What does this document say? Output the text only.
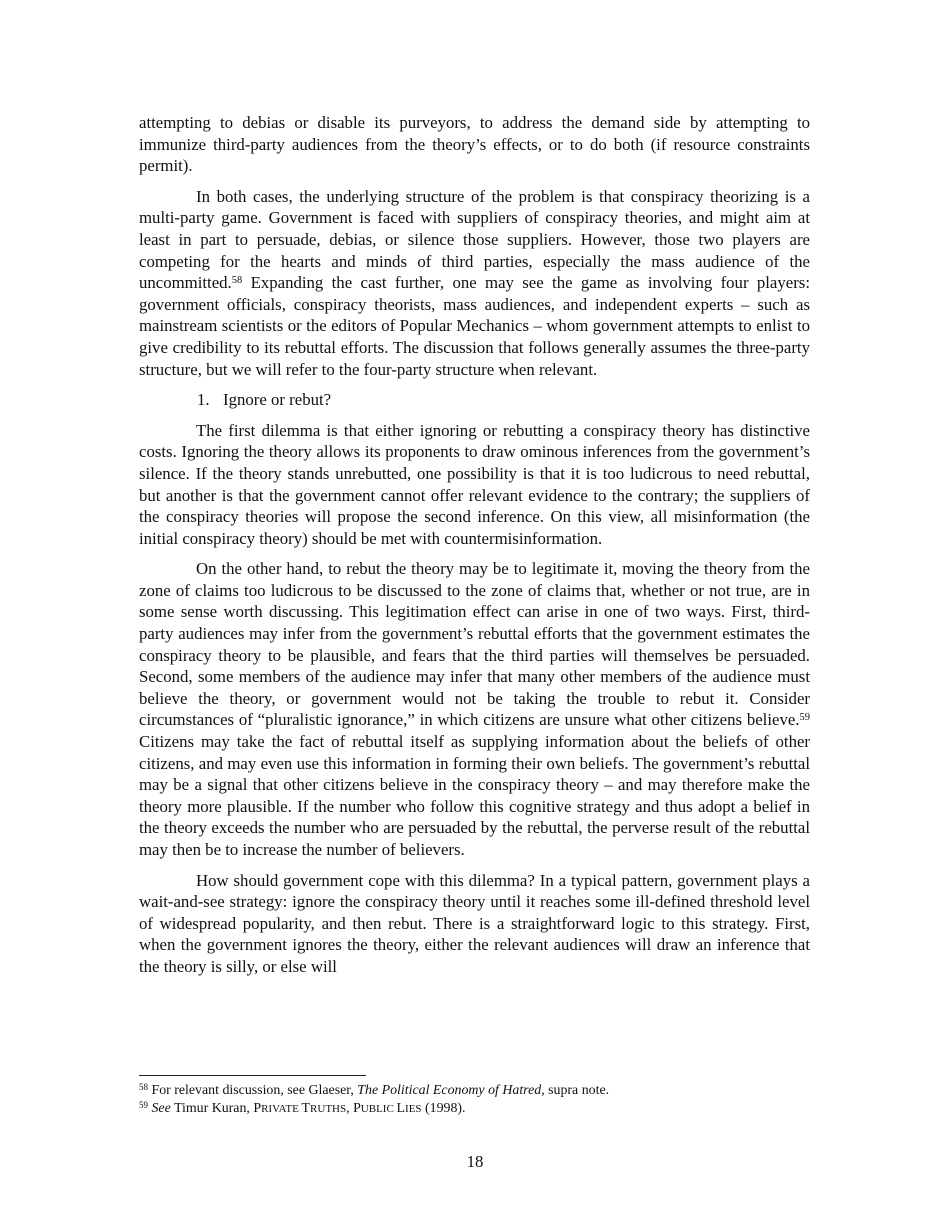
attempting to debias or disable its purveyors, to address the demand side by attempting to immunize third-party audiences from the theory’s effects, or to do both (if resource constraints permit).

In both cases, the underlying structure of the problem is that conspiracy theorizing is a multi-party game. Government is faced with suppliers of conspiracy theories, and might aim at least in part to persuade, debias, or silence those suppliers. However, those two players are competing for the hearts and minds of third parties, especially the mass audience of the uncommitted.$^{58}$ Expanding the cast further, one may see the game as involving four players: government officials, conspiracy theorists, mass audiences, and independent experts – such as mainstream scientists or the editors of Popular Mechanics – whom government attempts to enlist to give credibility to its rebuttal efforts. The discussion that follows generally assumes the three-party structure, but we will refer to the four-party structure when relevant.

1. Ignore or rebut?

The first dilemma is that either ignoring or rebutting a conspiracy theory has distinctive costs. Ignoring the theory allows its proponents to draw ominous inferences from the government’s silence. If the theory stands unrebutted, one possibility is that it is too ludicrous to need rebuttal, but another is that the government cannot offer relevant evidence to the contrary; the suppliers of the conspiracy theories will propose the second inference. On this view, all misinformation (the initial conspiracy theory) should be met with countermisinformation.

On the other hand, to rebut the theory may be to legitimate it, moving the theory from the zone of claims too ludicrous to be discussed to the zone of claims that, whether or not true, are in some sense worth discussing. This legitimation effect can arise in one of two ways. First, third-party audiences may infer from the government’s rebuttal efforts that the government estimates the conspiracy theory to be plausible, and fears that the third parties will themselves be persuaded. Second, some members of the audience may infer that many other members of the audience must believe the theory, or government would not be taking the trouble to rebut it. Consider circumstances of “pluralistic ignorance,” in which citizens are unsure what other citizens believe.$^{59}$ Citizens may take the fact of rebuttal itself as supplying information about the beliefs of other citizens, and may even use this information in forming their own beliefs. The government’s rebuttal may be a signal that other citizens believe in the conspiracy theory – and may therefore make the theory more plausible. If the number who follow this cognitive strategy and thus adopt a belief in the theory exceeds the number who are persuaded by the rebuttal, the perverse result of the rebuttal may then be to increase the number of believers.

How should government cope with this dilemma? In a typical pattern, government plays a wait-and-see strategy: ignore the conspiracy theory until it reaches some ill-defined threshold level of widespread popularity, and then rebut. There is a straightforward logic to this strategy. First, when the government ignores the theory, either the relevant audiences will draw an inference that the theory is silly, or else will

$^{58}$ For relevant discussion, see Glaeser, The Political Economy of Hatred, supra note.

$^{59}$ See Timur Kuran, PRIVATE TRUTHS, PUBLIC LIES (1998).

18
